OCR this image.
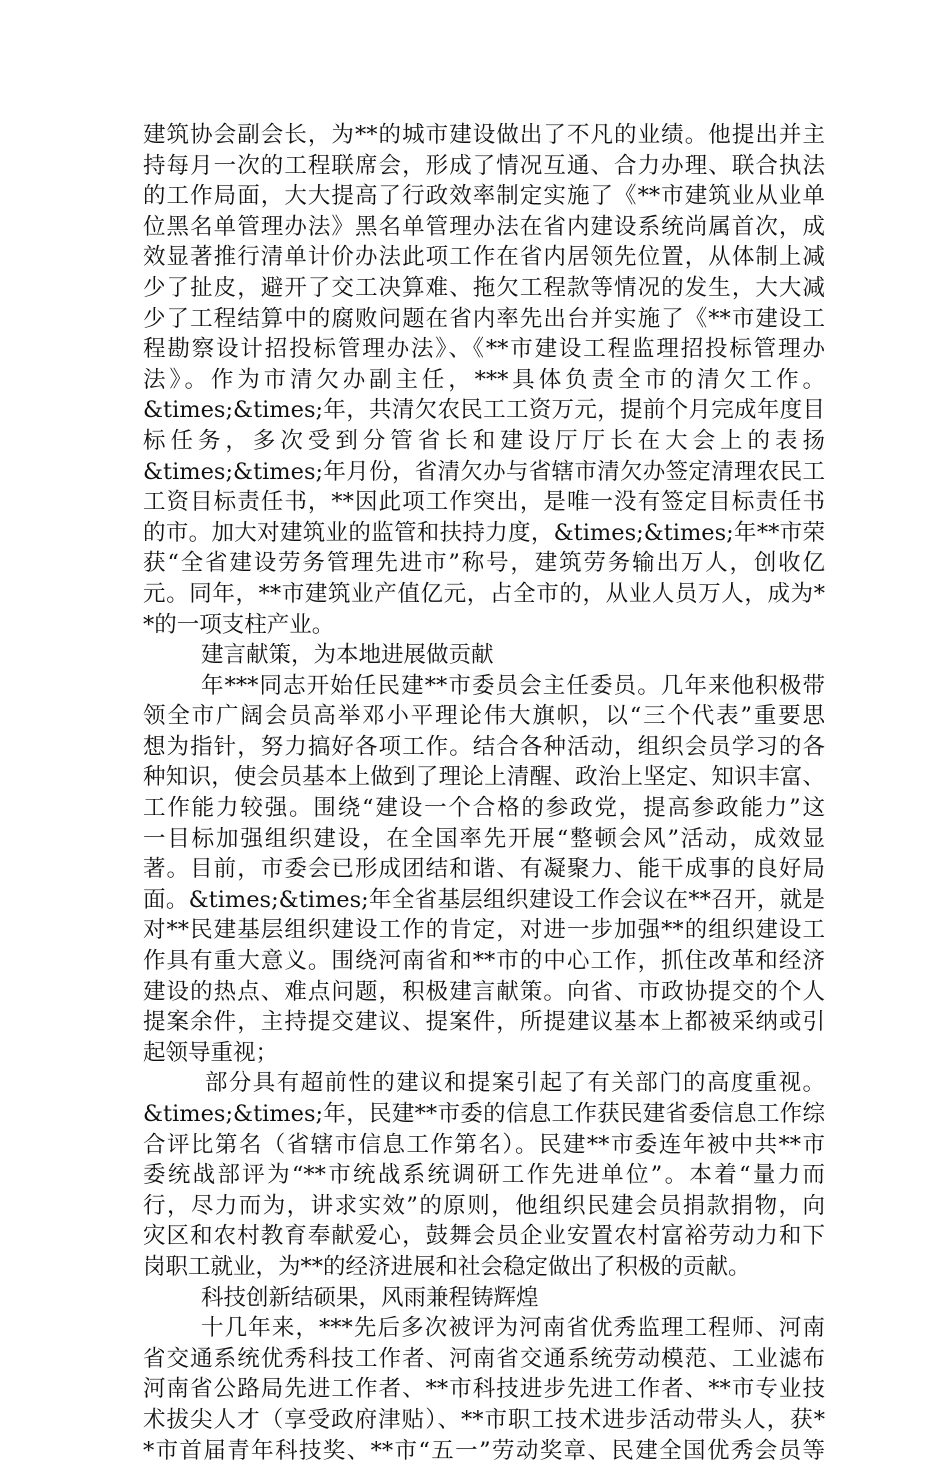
建筑协会副会长，为**的城市建设做出了不凡的业绩。他提出并主
持每月一次的工程联席会，形成了情况互通、合力办理、联合执法
的工作局面，大大提高了行政效率制定实施了《**市建筑业从业单
位黑名单管理办法》黑名单管理办法在省内建设系统尚属首次，成
效显著推行清单计价办法此项工作在省内居领先位置，从体制上减
少了扯皮，避开了交工决算难、拖欠工程款等情况的发生，大大减
少了工程结算中的腐败问题在省内率先出台并实施了《**市建设工
程勘察设计招投标管理办法》、《**市建设工程监理招投标管理办
法》。作为市清欠办副主任，***具体负责全市的清欠工作。
&times;&times;年，共清欠农民工工资万元，提前个月完成年度目
标任务，多次受到分管省长和建设厅厅长在大会上的表扬
&times;&times;年月份，省清欠办与省辖市清欠办签定清理农民工
工资目标责任书，**因此项工作突出，是唯一没有签定目标责任书
的市。加大对建筑业的监管和扶持力度，&times;&times;年**市荣
获“全省建设劳务管理先进市”称号，建筑劳务输出万人，创收亿
元。同年，**市建筑业产值亿元，占全市的，从业人员万人，成为*
*的一项支柱产业。
建言献策，为本地进展做贡献
年***同志开始任民建**市委员会主任委员。几年来他积极带
领全市广阔会员高举邓小平理论伟大旗帜，以“三个代表”重要思
想为指针，努力搞好各项工作。结合各种活动，组织会员学习的各
种知识，使会员基本上做到了理论上清醒、政治上坚定、知识丰富、
工作能力较强。围绕“建设一个合格的参政党，提高参政能力”这
一目标加强组织建设，在全国率先开展“整顿会风”活动，成效显
著。目前，市委会已形成团结和谐、有凝聚力、能干成事的良好局
面。&times;&times;年全省基层组织建设工作会议在**召开，就是
对**民建基层组织建设工作的肯定，对进一步加强**的组织建设工
作具有重大意义。围绕河南省和**市的中心工作，抓住改革和经济
建设的热点、难点问题，积极建言献策。向省、市政协提交的个人
提案余件，主持提交建议、提案件，所提建议基本上都被采纳或引
起领导重视；
部分具有超前性的建议和提案引起了有关部门的高度重视。
&times;&times;年，民建**市委的信息工作获民建省委信息工作综
合评比第名（省辖市信息工作第名）。民建**市委连年被中共**市
委统战部评为“**市统战系统调研工作先进单位”。本着“量力而
行，尽力而为，讲求实效”的原则，他组织民建会员捐款捐物，向
灾区和农村教育奉献爱心，鼓舞会员企业安置农村富裕劳动力和下
岗职工就业，为**的经济进展和社会稳定做出了积极的贡献。
科技创新结硕果，风雨兼程铸辉煌
十几年来，***先后多次被评为河南省优秀监理工程师、河南
省交通系统优秀科技工作者、河南省交通系统劳动模范、工业滤布
河南省公路局先进工作者、**市科技进步先进工作者、**市专业技
术拔尖人才（享受政府津贴）、**市职工技术进步活动带头人，获*
*市首届青年科技奖、**市“五一”劳动奖章、民建全国优秀会员等
